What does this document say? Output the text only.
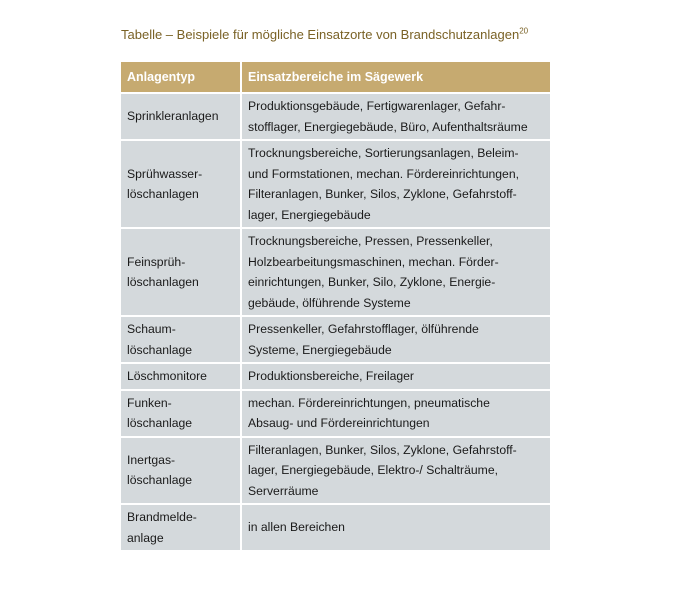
Tabelle – Beispiele für mögliche Einsatzorte von Brandschutzanlagen$^{20}$
Anlagentyp	Einsatzbereiche im Sägewerk

Sprinkleranlagen	Produktionsgebäude, Fertigwarenlager, Gefahr-
stofflager, Energiegebäude, Büro, Aufenthaltsräume

Sprühwasser-
löschanlagen	Trocknungsbereiche, Sortierungsanlagen, Beleim-
und Formstationen, mechan. Fördereinrichtungen,
Filteranlagen, Bunker, Silos, Zyklone, Gefahrstoff-
lager, Energiegebäude

Feinsprüh-
löschanlagen	Trocknungsbereiche, Pressen, Pressenkeller,
Holzbearbeitungsmaschinen, mechan. Förder-
einrichtungen, Bunker, Silo, Zyklone, Energie-
gebäude, ölführende Systeme

Schaum-
löschanlage	Pressenkeller, Gefahrstofflager, ölführende
Systeme, Energiegebäude

Löschmonitore	Produktionsbereiche, Freilager

Funken-
löschanlage	mechan. Fördereinrichtungen, pneumatische
Absaug- und Fördereinrichtungen

Inertgas-
löschanlage	Filteranlagen, Bunker, Silos, Zyklone, Gefahrstoff-
lager, Energiegebäude, Elektro-/ Schalträume,
Serverräume

Brandmelde-
anlage	in allen Bereichen
